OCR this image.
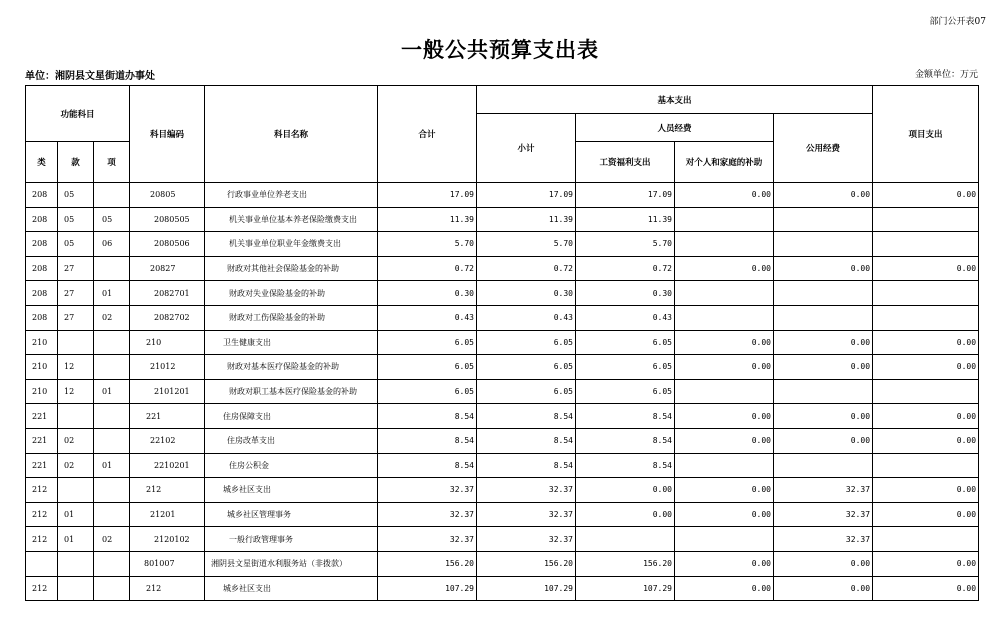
部门公开表07
一般公共预算支出表
单位：湘阴县文星街道办事处	金额单位：万元
功能科目			科目编码	科目名称	合计	基本支出				项目支出
						小计	人员经费		公用经费	
类	款	项					工资福利支出	对个人和家庭的补助		
208	05		20805	行政事业单位养老支出	17.09	17.09	17.09	0.00	0.00	0.00
208	05	05	2080505	机关事业单位基本养老保险缴费支出	11.39	11.39	11.39			
208	05	06	2080506	机关事业单位职业年金缴费支出	5.70	5.70	5.70			
208	27		20827	财政对其他社会保险基金的补助	0.72	0.72	0.72	0.00	0.00	0.00
208	27	01	2082701	财政对失业保险基金的补助	0.30	0.30	0.30			
208	27	02	2082702	财政对工伤保险基金的补助	0.43	0.43	0.43			
210			210	卫生健康支出	6.05	6.05	6.05	0.00	0.00	0.00
210	12		21012	财政对基本医疗保险基金的补助	6.05	6.05	6.05	0.00	0.00	0.00
210	12	01	2101201	财政对职工基本医疗保险基金的补助	6.05	6.05	6.05			
221			221	住房保障支出	8.54	8.54	8.54	0.00	0.00	0.00
221	02		22102	住房改革支出	8.54	8.54	8.54	0.00	0.00	0.00
221	02	01	2210201	住房公积金	8.54	8.54	8.54			
212			212	城乡社区支出	32.37	32.37	0.00	0.00	32.37	0.00
212	01		21201	城乡社区管理事务	32.37	32.37	0.00	0.00	32.37	0.00
212	01	02	2120102	一般行政管理事务	32.37	32.37			32.37	
			801007	湘阴县文星街道水利服务站（非拨款）	156.20	156.20	156.20	0.00	0.00	0.00
212			212	城乡社区支出	107.29	107.29	107.29	0.00	0.00	0.00
